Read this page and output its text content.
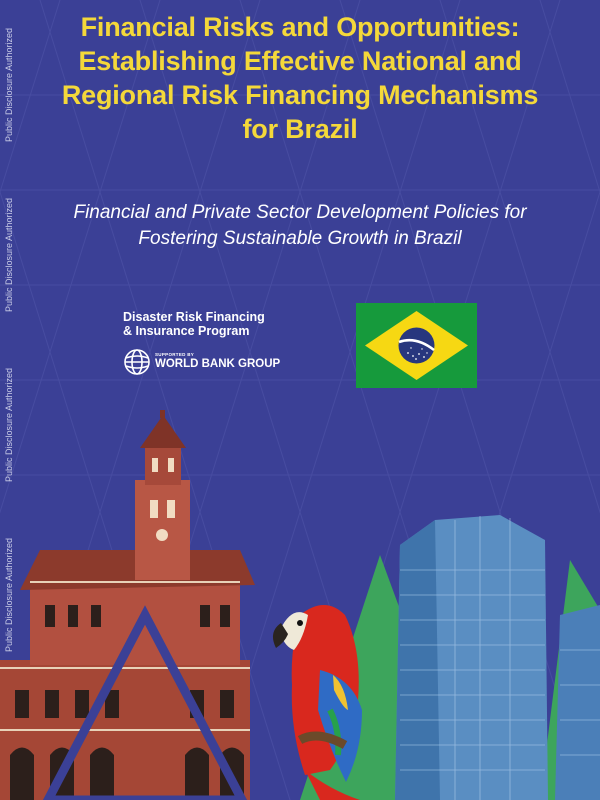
Public Disclosure Authorized
Public Disclosure Authorized
Public Disclosure Authorized
Public Disclosure Authorized
Financial Risks and Opportunities:
Establishing Effective National and
Regional Risk Financing Mechanisms
for Brazil

Financial and Private Sector Development Policies for
Fostering Sustainable Growth in Brazil

Disaster Risk Financing
& Insurance Program
SUPPORTED BY
WORLD BANK GROUP
